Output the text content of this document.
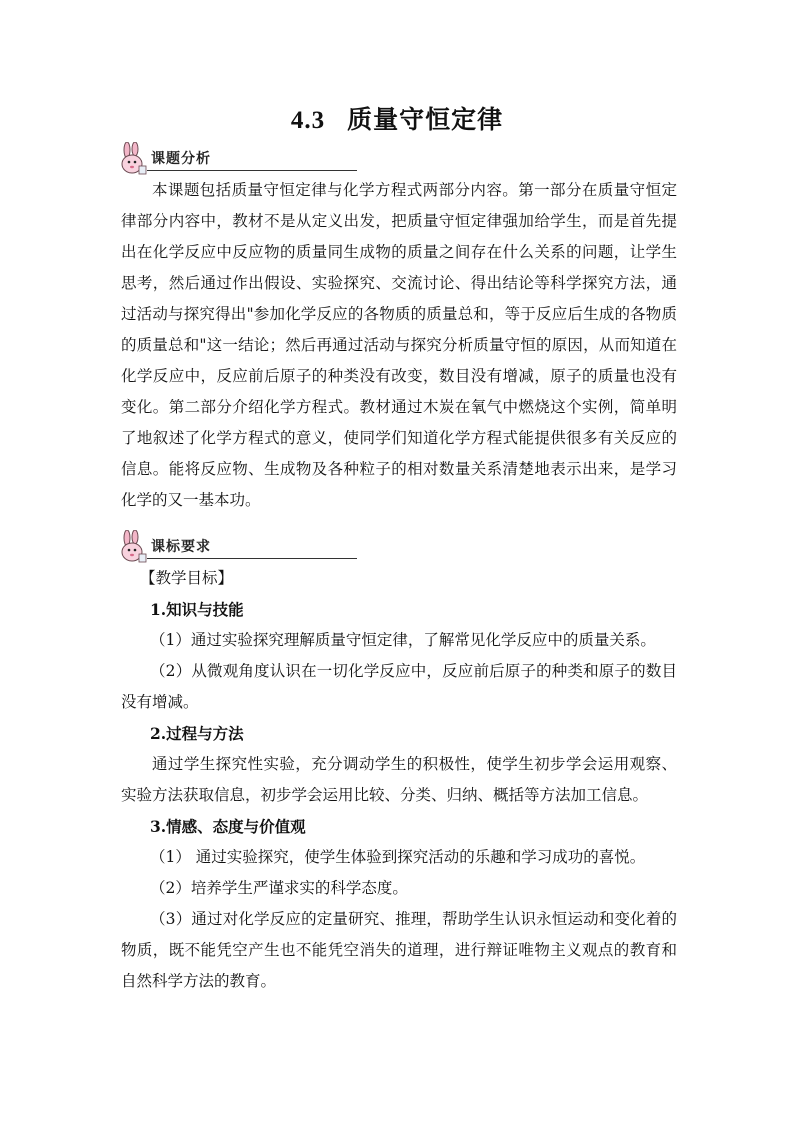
4.3 质量守恒定律
课题分析
本课题包括质量守恒定律与化学方程式两部分内容。第一部分在质量守恒定律部分内容中，教材不是从定义出发，把质量守恒定律强加给学生，而是首先提出在化学反应中反应物的质量同生成物的质量之间存在什么关系的问题，让学生思考，然后通过作出假设、实验探究、交流讨论、得出结论等科学探究方法，通过活动与探究得出"参加化学反应的各物质的质量总和，等于反应后生成的各物质的质量总和"这一结论；然后再通过活动与探究分析质量守恒的原因，从而知道在化学反应中，反应前后原子的种类没有改变，数目没有增减，原子的质量也没有变化。第二部分介绍化学方程式。教材通过木炭在氧气中燃烧这个实例，简单明了地叙述了化学方程式的意义，使同学们知道化学方程式能提供很多有关反应的信息。能将反应物、生成物及各种粒子的相对数量关系清楚地表示出来，是学习化学的又一基本功。
课标要求
【教学目标】
1.知识与技能
（1）通过实验探究理解质量守恒定律，了解常见化学反应中的质量关系。
（2）从微观角度认识在一切化学反应中，反应前后原子的种类和原子的数目没有增减。
2.过程与方法
通过学生探究性实验，充分调动学生的积极性，使学生初步学会运用观察、实验方法获取信息，初步学会运用比较、分类、归纳、概括等方法加工信息。
3.情感、态度与价值观
（1） 通过实验探究，使学生体验到探究活动的乐趣和学习成功的喜悦。
（2）培养学生严谨求实的科学态度。
（3）通过对化学反应的定量研究、推理，帮助学生认识永恒运动和变化着的物质，既不能凭空产生也不能凭空消失的道理，进行辩证唯物主义观点的教育和自然科学方法的教育。
